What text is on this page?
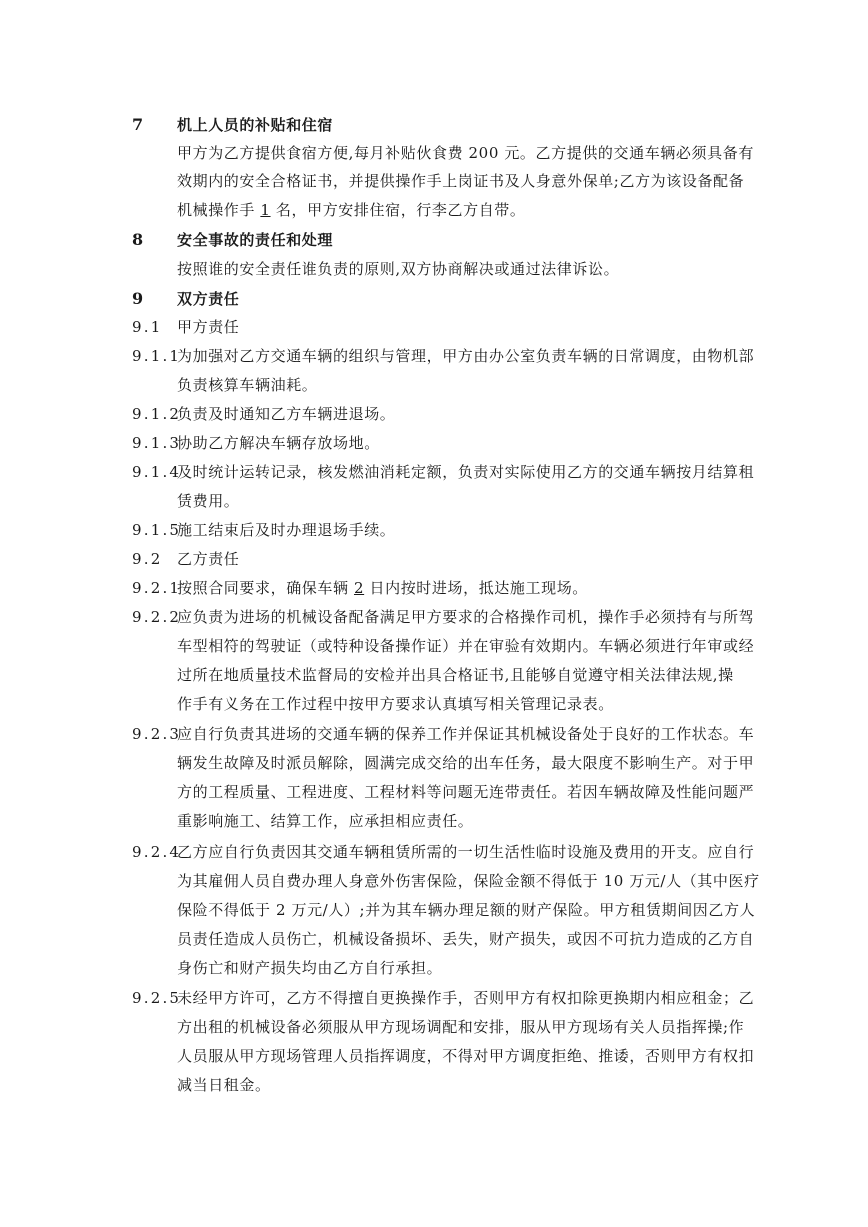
7 机上人员的补贴和住宿
甲方为乙方提供食宿方便,每月补贴伙食费 200 元。乙方提供的交通车辆必须具备有
效期内的安全合格证书，并提供操作手上岗证书及人身意外保单;乙方为该设备配备
机械操作手 1 名，甲方安排住宿，行李乙方自带。
8 安全事故的责任和处理
按照谁的安全责任谁负责的原则,双方协商解决或通过法律诉讼。
9 双方责任
9.1 甲方责任
9.1.1
为加强对乙方交通车辆的组织与管理，甲方由办公室负责车辆的日常调度，由物机部
负责核算车辆油耗。
9.1.2
负责及时通知乙方车辆进退场。
9.1.3
协助乙方解决车辆存放场地。
9.1.4
及时统计运转记录，核发燃油消耗定额，负责对实际使用乙方的交通车辆按月结算租
赁费用。
9.1.5
施工结束后及时办理退场手续。
9.2 乙方责任
9.2.1
按照合同要求，确保车辆 2 日内按时进场，抵达施工现场。
9.2.2
应负责为进场的机械设备配备满足甲方要求的合格操作司机，操作手必须持有与所驾
车型相符的驾驶证（或特种设备操作证）并在审验有效期内。车辆必须进行年审或经
过所在地质量技术监督局的安检并出具合格证书,且能够自觉遵守相关法律法规,操
作手有义务在工作过程中按甲方要求认真填写相关管理记录表。
9.2.3
应自行负责其进场的交通车辆的保养工作并保证其机械设备处于良好的工作状态。车
辆发生故障及时派员解除，圆满完成交给的出车任务，最大限度不影响生产。对于甲
方的工程质量、工程进度、工程材料等问题无连带责任。若因车辆故障及性能问题严
重影响施工、结算工作，应承担相应责任。
9.2.4
乙方应自行负责因其交通车辆租赁所需的一切生活性临时设施及费用的开支。应自行
为其雇佣人员自费办理人身意外伤害保险，保险金额不得低于 10 万元/人（其中医疗
保险不得低于 2 万元/人）;并为其车辆办理足额的财产保险。甲方租赁期间因乙方人
员责任造成人员伤亡，机械设备损坏、丢失，财产损失，或因不可抗力造成的乙方自
身伤亡和财产损失均由乙方自行承担。
9.2.5
未经甲方许可，乙方不得擅自更换操作手，否则甲方有权扣除更换期内相应租金；乙
方出租的机械设备必须服从甲方现场调配和安排，服从甲方现场有关人员指挥操;作
人员服从甲方现场管理人员指挥调度，不得对甲方调度拒绝、推诿，否则甲方有权扣
减当日租金。
